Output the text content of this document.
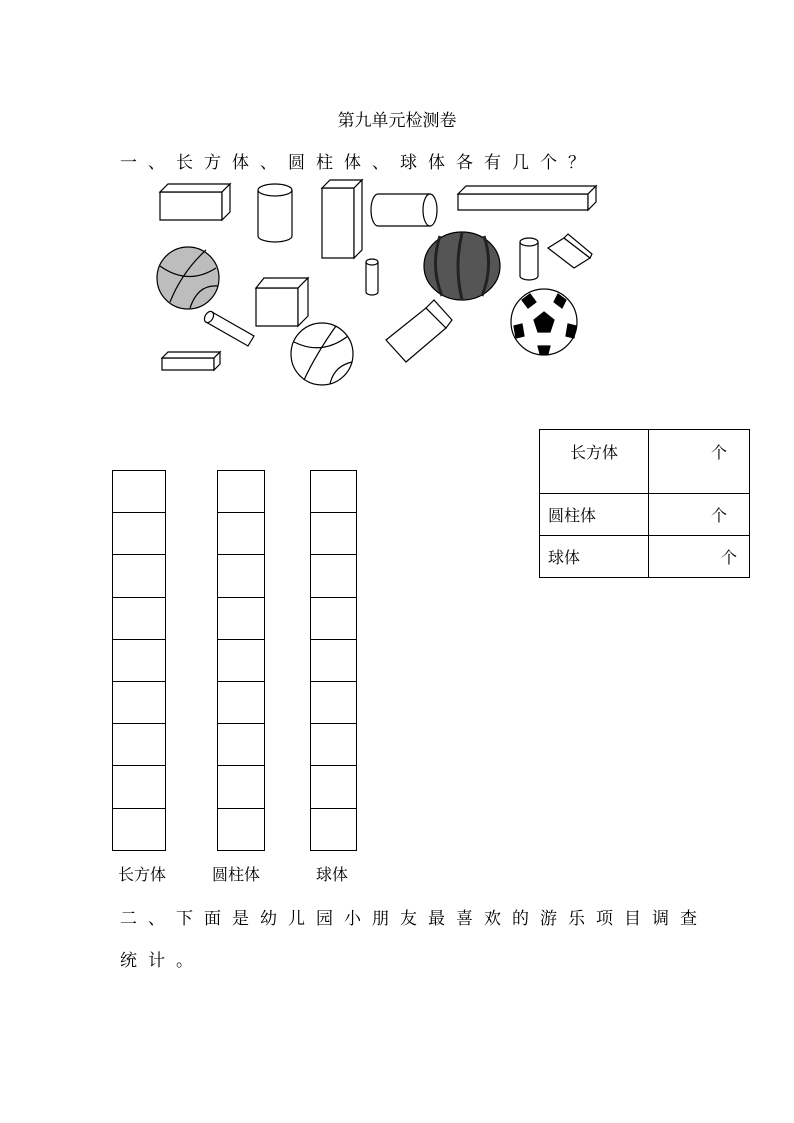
第九单元检测卷
一、长方体、圆柱体、球体各有几个？
长方体	个
圆柱体	个
球体	个
长方体	圆柱体	球体
二、下面是幼儿园小朋友最喜欢的游乐项目调查
统计。
